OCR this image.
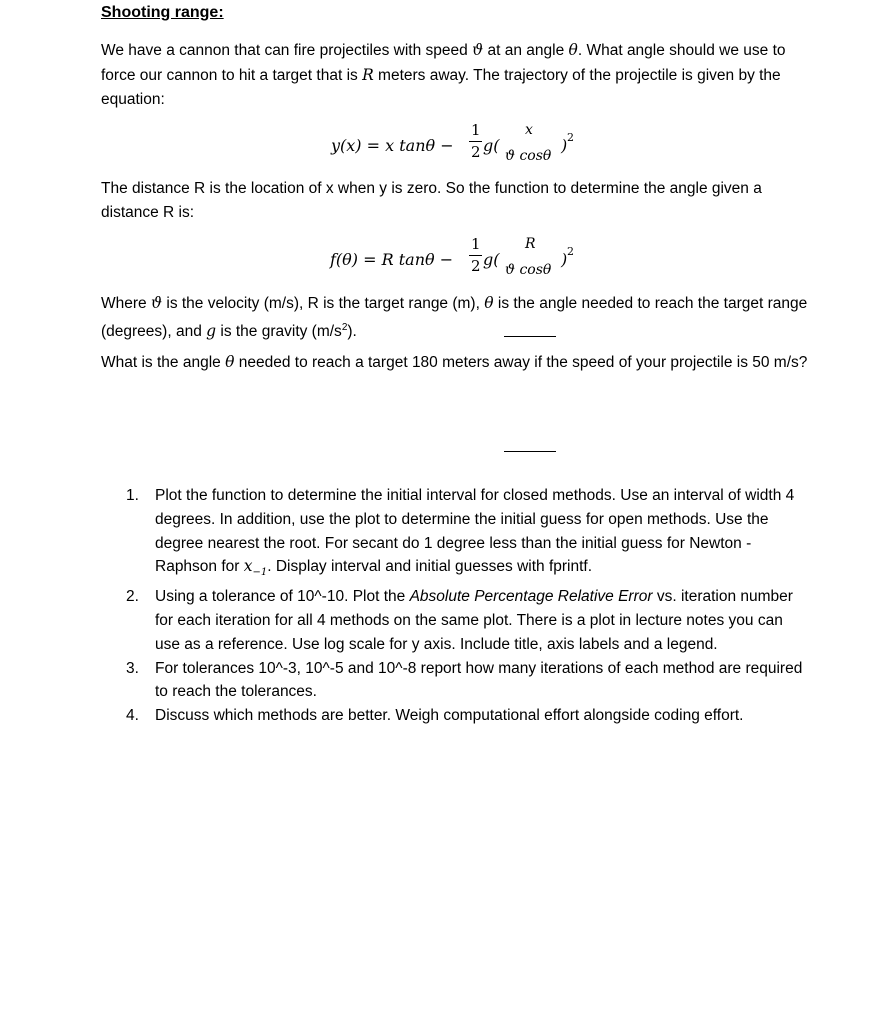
Shooting range:
We have a cannon that can fire projectiles with speed ϑ at an angle θ. What angle should we use to force our cannon to hit a target that is R meters away. The trajectory of the projectile is given by the equation:
y(x) = x tanθ −
1
2 g(
x
ϑ cosθ
) 2
The distance R is the location of x when y is zero. So the function to determine the angle given a distance R is:
f(θ) = R tanθ −
1
2 g(
R
ϑ cosθ
) 2
Where ϑ is the velocity (m/s), R is the target range (m), θ is the angle needed to reach the target range (degrees), and g is the gravity $(m/s^2)$.
What is the angle θ needed to reach a target 180 meters away if the speed of your projectile is 50 m/s?
1. Plot the function to determine the initial interval for closed methods. Use an interval of width 4 degrees. In addition, use the plot to determine the initial guess for open methods. Use the degree nearest the root. For secant do 1 degree less than the initial guess for Newton -Raphson for $x_{-1}$. Display interval and initial guesses with fprintf.
2. Using a tolerance of 10^-10. Plot the Absolute Percentage Relative Error vs. iteration number for each iteration for all 4 methods on the same plot. There is a plot in lecture notes you can use as a reference. Use log scale for y axis. Include title, axis labels and a legend.
3. For tolerances 10^-3, 10^-5 and 10^-8 report how many iterations of each method are required to reach the tolerances.
4. Discuss which methods are better. Weigh computational effort alongside coding effort.
